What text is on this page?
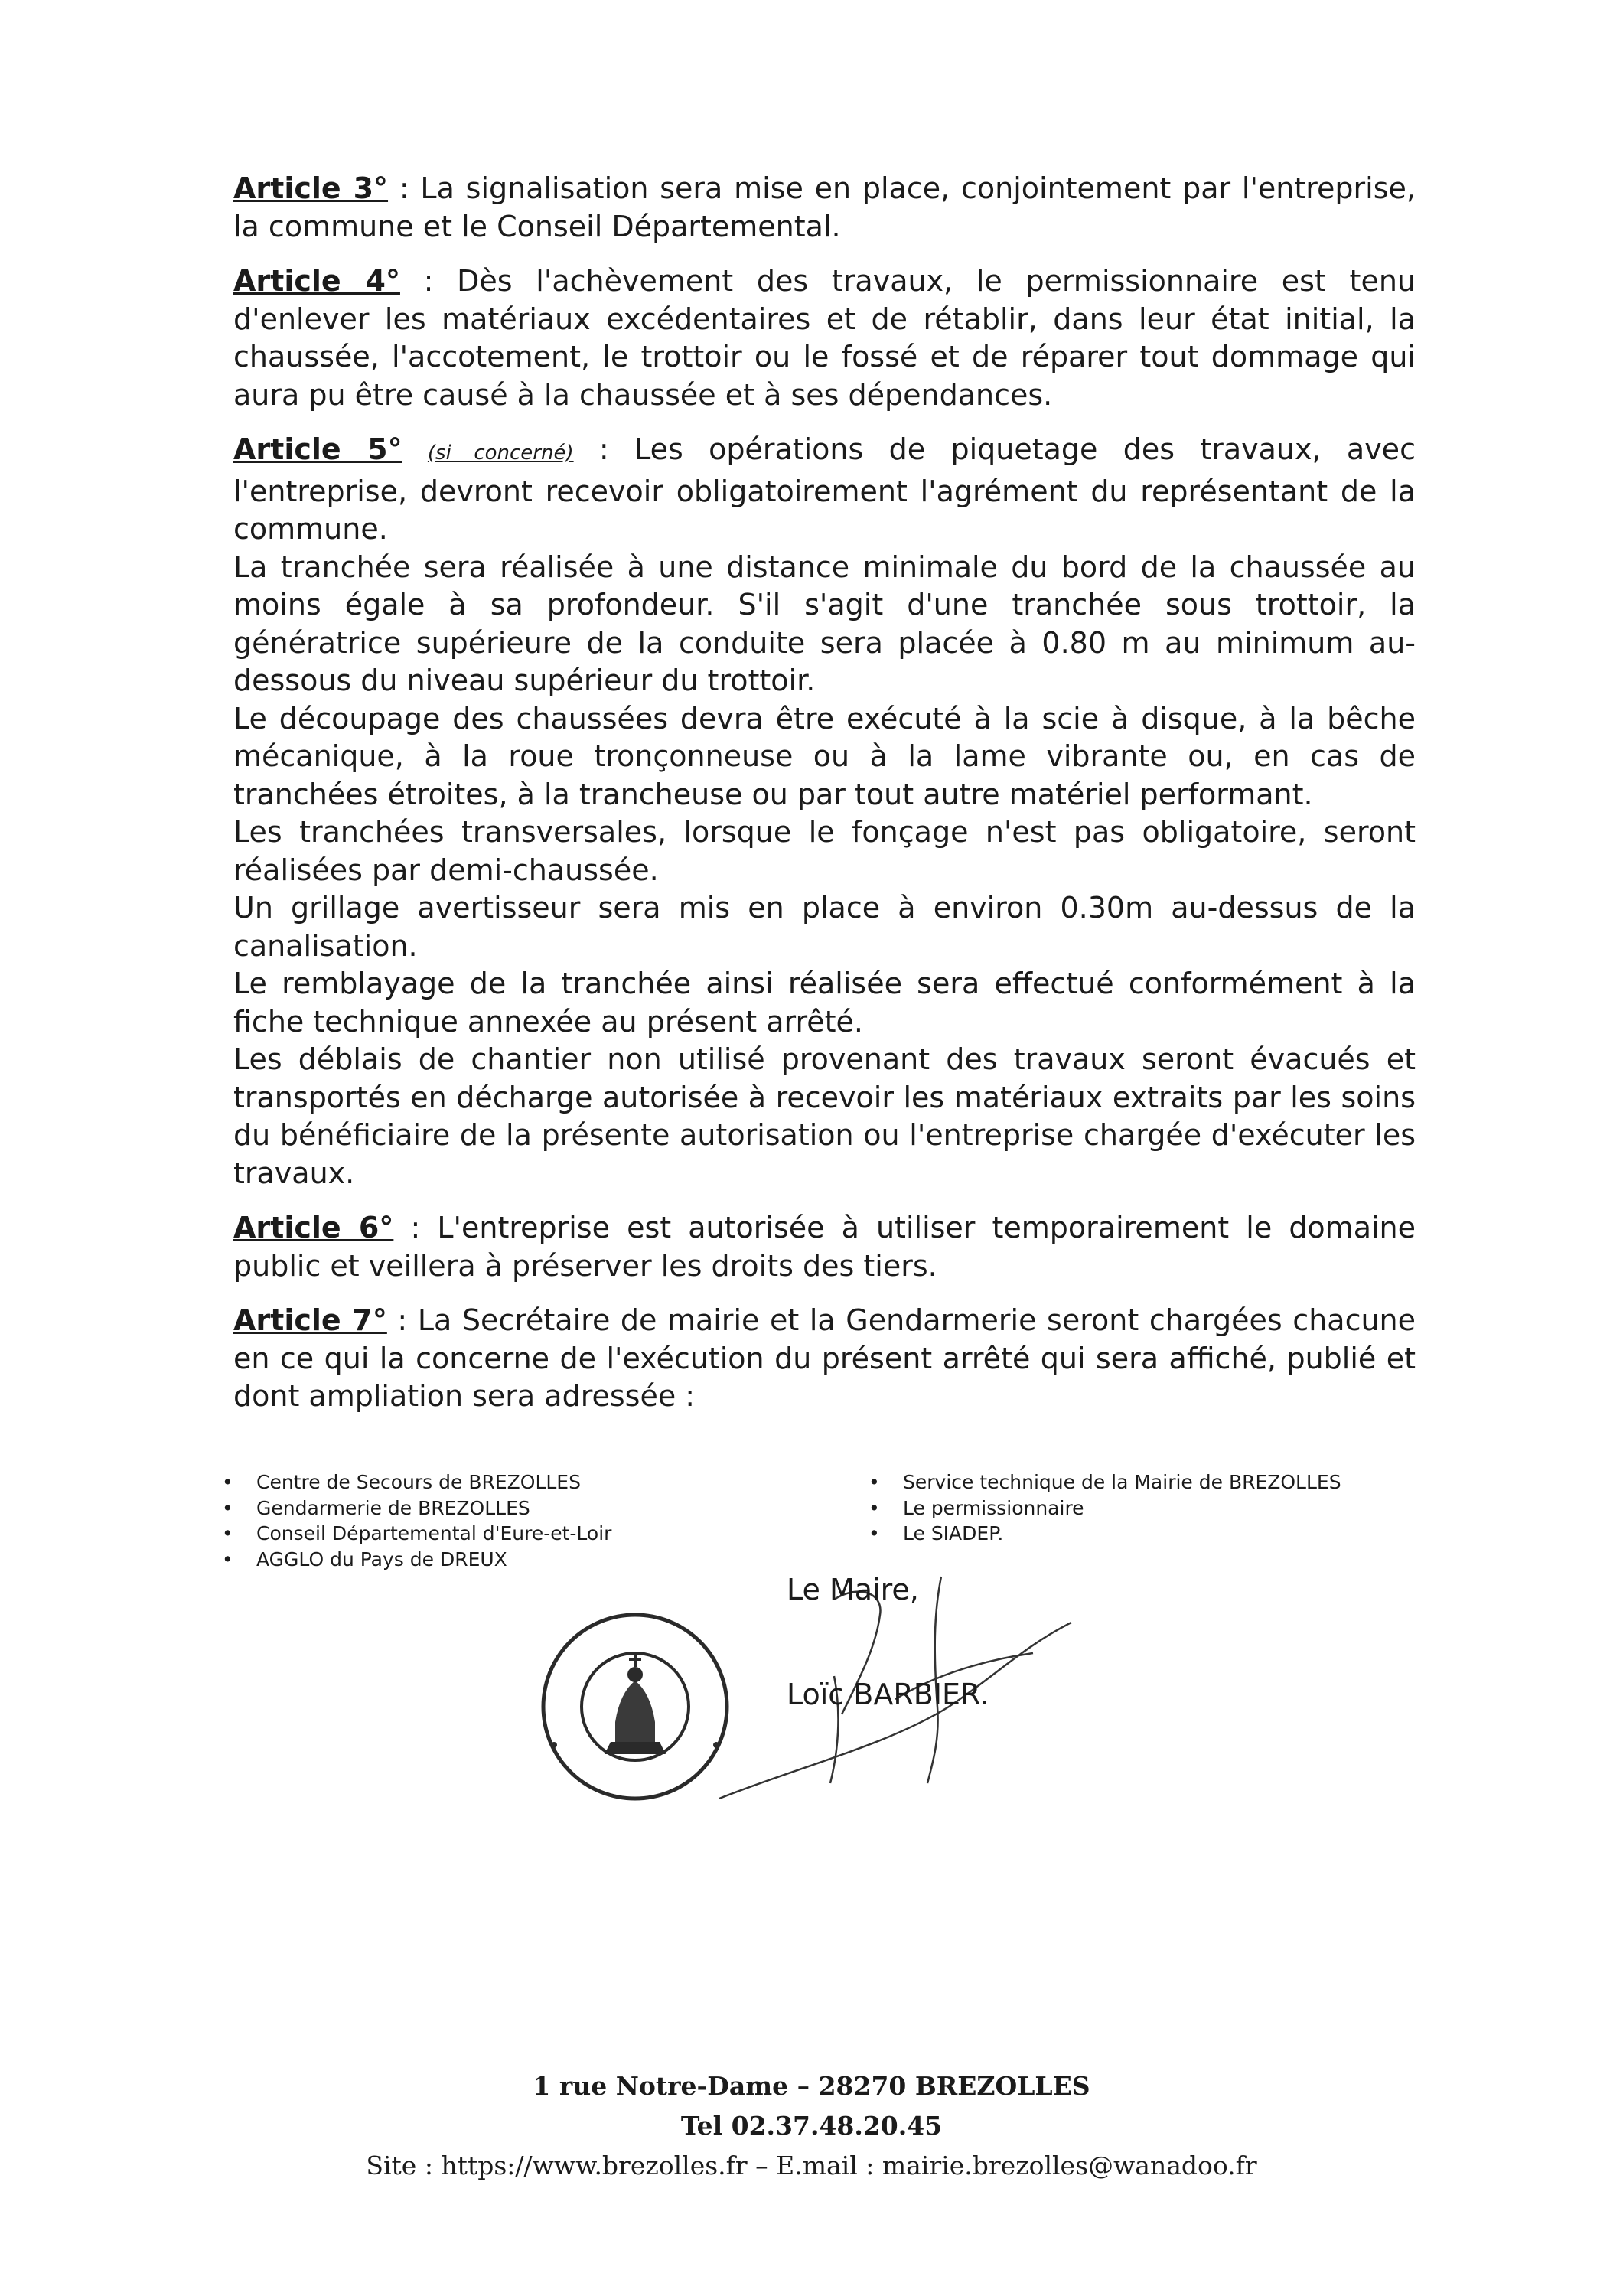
Article 3° : La signalisation sera mise en place, conjointement par l'entreprise, la commune et le Conseil Départemental.

Article 4° : Dès l'achèvement des travaux, le permissionnaire est tenu d'enlever les matériaux excédentaires et de rétablir, dans leur état initial, la chaussée, l'accotement, le trottoir ou le fossé et de réparer tout dommage qui aura pu être causé à la chaussée et à ses dépendances.

Article 5° (si concerné) : Les opérations de piquetage des travaux, avec l'entreprise, devront recevoir obligatoirement l'agrément du représentant de la commune.

La tranchée sera réalisée à une distance minimale du bord de la chaussée au moins égale à sa profondeur. S'il s'agit d'une tranchée sous trottoir, la génératrice supérieure de la conduite sera placée à 0.80 m au minimum au-dessous du niveau supérieur du trottoir.

Le découpage des chaussées devra être exécuté à la scie à disque, à la bêche mécanique, à la roue tronçonneuse ou à la lame vibrante ou, en cas de tranchées étroites, à la trancheuse ou par tout autre matériel performant.

Les tranchées transversales, lorsque le fonçage n'est pas obligatoire, seront réalisées par demi-chaussée.

Un grillage avertisseur sera mis en place à environ 0.30m au-dessus de la canalisation.

Le remblayage de la tranchée ainsi réalisée sera effectué conformément à la fiche technique annexée au présent arrêté.

Les déblais de chantier non utilisé provenant des travaux seront évacués et transportés en décharge autorisée à recevoir les matériaux extraits par les soins du bénéficiaire de la présente autorisation ou l'entreprise chargée d'exécuter les travaux.

Article 6° : L'entreprise est autorisée à utiliser temporairement le domaine public et veillera à préserver les droits des tiers.

Article 7° : La Secrétaire de mairie et la Gendarmerie seront chargées chacune en ce qui la concerne de l'exécution du présent arrêté qui sera affiché, publié et dont ampliation sera adressée :

• Centre de Secours de BREZOLLES
• Gendarmerie de BREZOLLES
• Conseil Départemental d'Eure-et-Loir
• AGGLO du Pays de DREUX
• Service technique de la Mairie de BREZOLLES
• Le permissionnaire
• Le SIADEP.
Le Maire,
Loïc BARBIER.

1 rue Notre-Dame – 28270 BREZOLLES

Tel 02.37.48.20.45

Site : https://www.brezolles.fr – E.mail : mairie.brezolles@wanadoo.fr
